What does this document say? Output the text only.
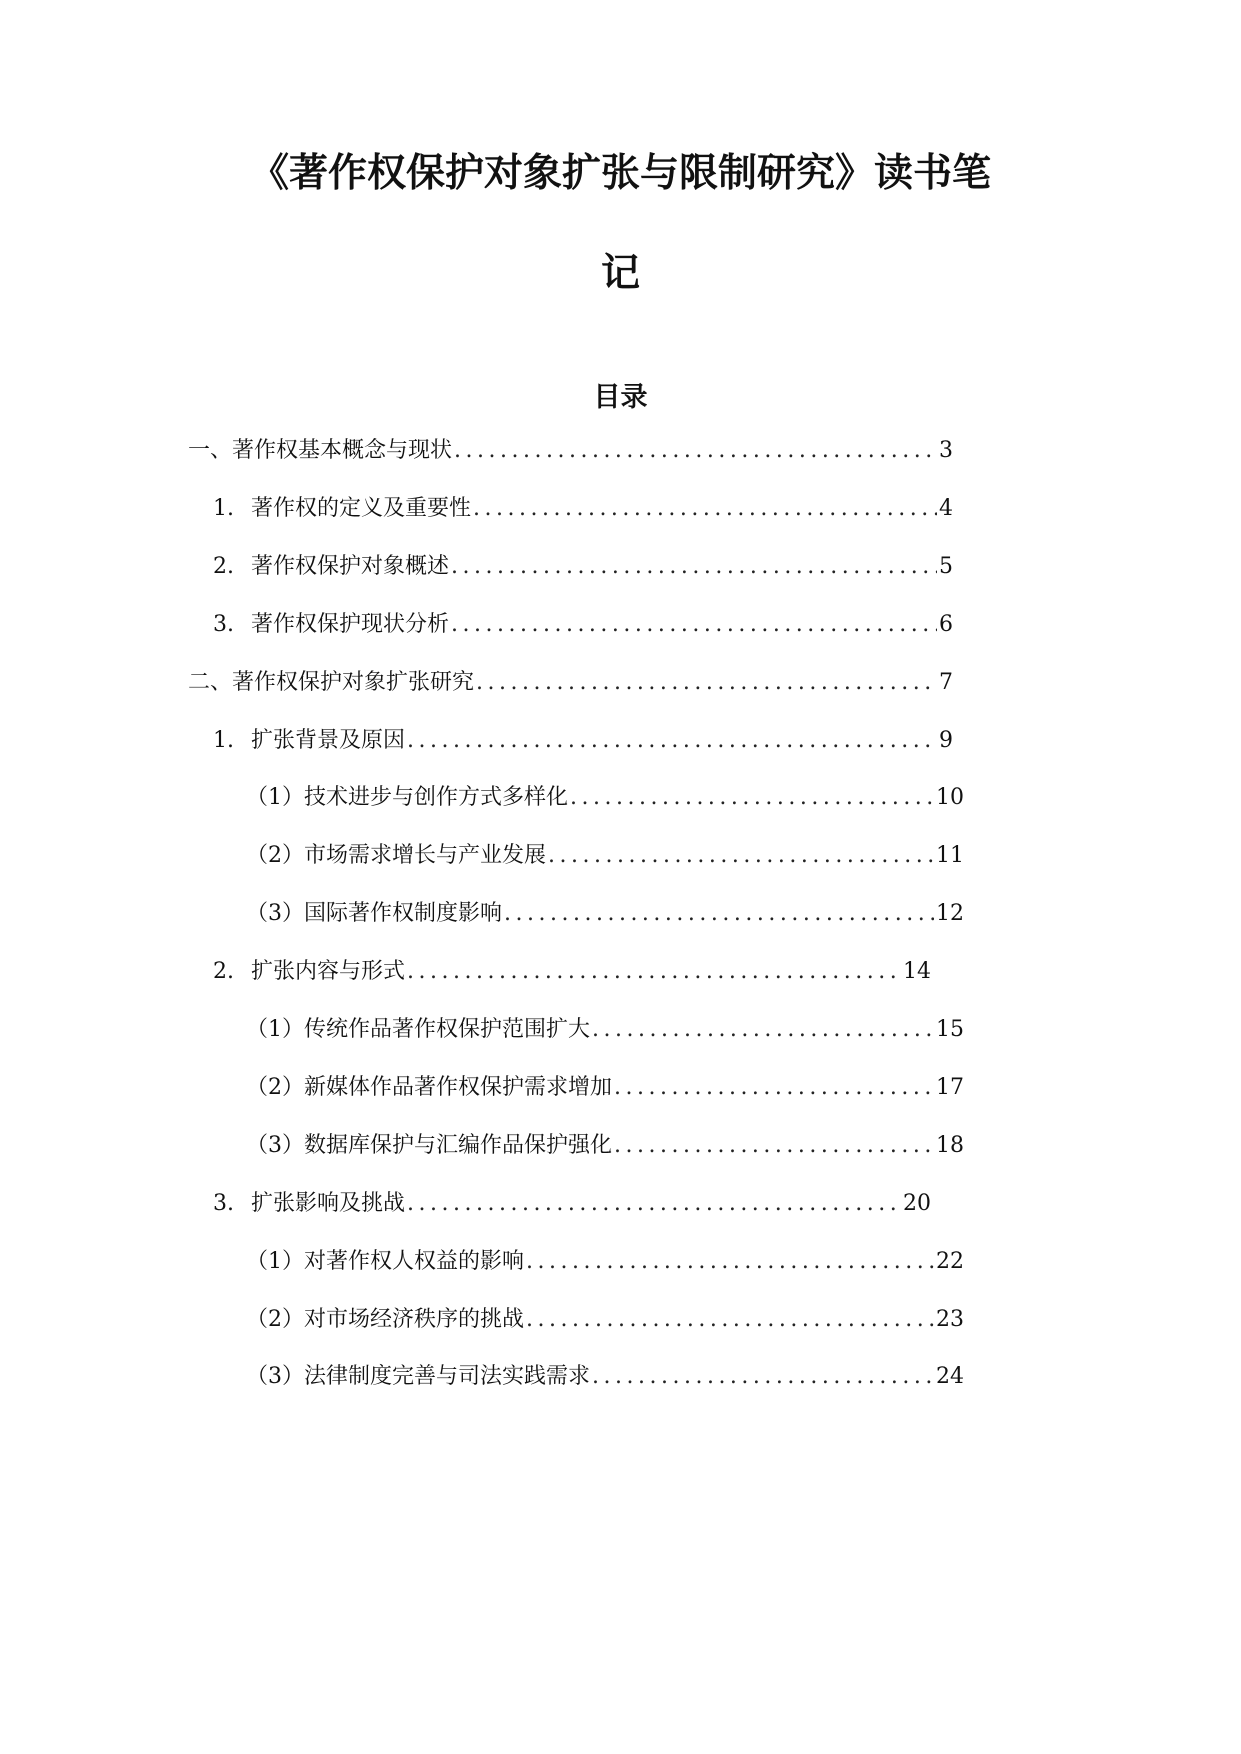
《著作权保护对象扩张与限制研究》读书笔
记
目录
一、 著作权基本概念与现状 .....	3
1. 著作权的定义及重要性 .....	4
2. 著作权保护对象概述 .....	5
3. 著作权保护现状分析 .....	6
二、 著作权保护对象扩张研究 .....	7
1. 扩张背景及原因 .....	9
（1） 技术进步与创作方式多样化 .....	10
（2） 市场需求增长与产业发展 .....	11
（3） 国际著作权制度影响 .....	12
2. 扩张内容与形式 .....	14
（1） 传统作品著作权保护范围扩大 .....	15
（2） 新媒体作品著作权保护需求增加 .....	17
（3） 数据库保护与汇编作品保护强化 .....	18
3. 扩张影响及挑战 .....	20
（1） 对著作权人权益的影响 .....	22
（2） 对市场经济秩序的挑战 .....	23
（3） 法律制度完善与司法实践需求 .....	24
